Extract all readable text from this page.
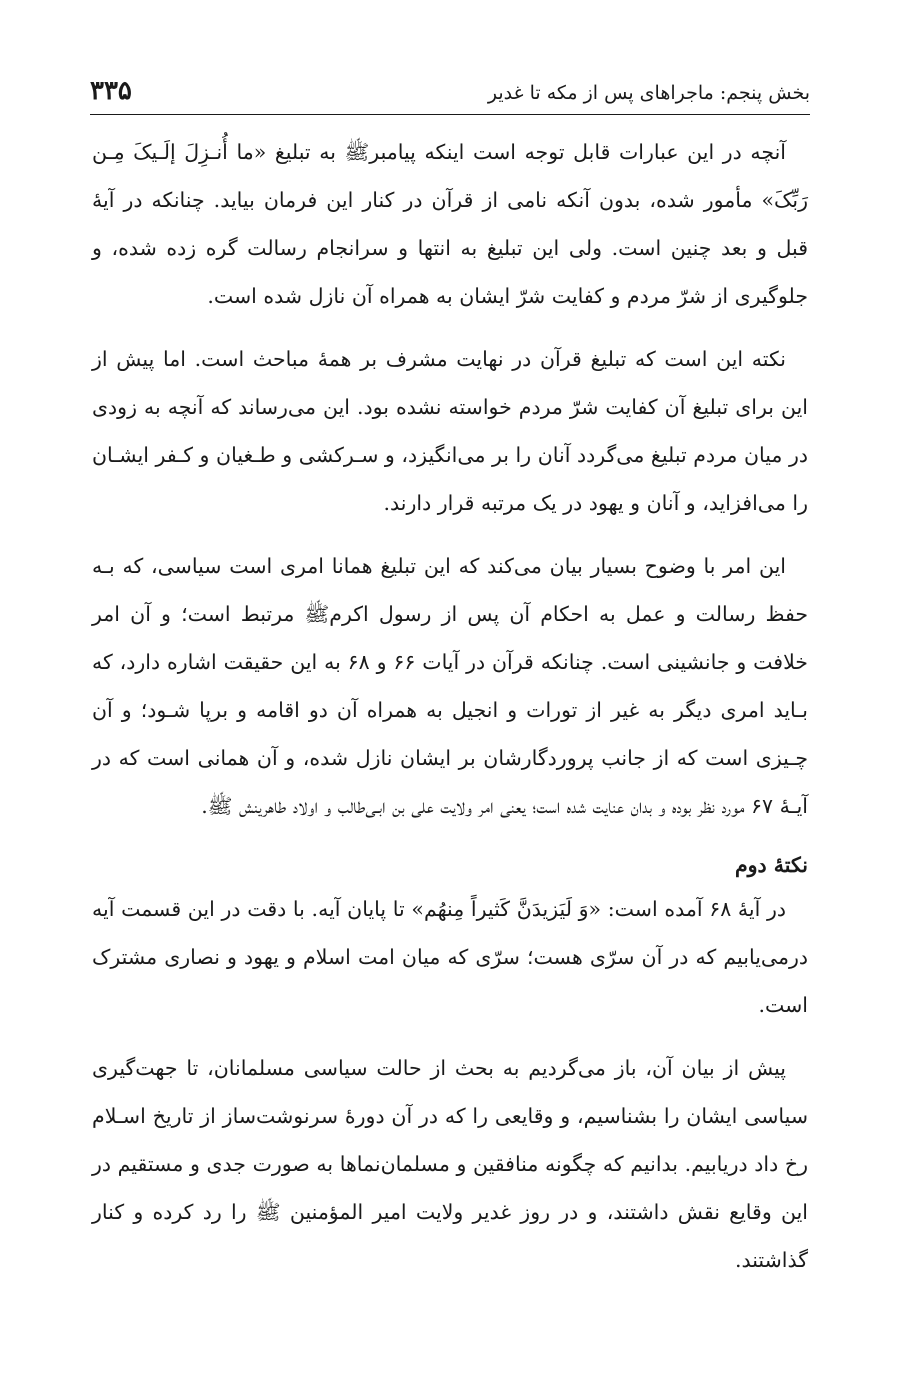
بخش پنجم: ماجراهای پس از مکه تا غدیر
۳۳۵

آنچه در این عبارات قابل توجه است اینکه پیامبرﷺ به تبلیغ «ما أُنـزِلَ إلَـیکَ مِـن رَبِّکَ» مأمور شده، بدون آنکه نامی از قرآن در کنار این فرمان بیاید. چنانکه در آیهٔ قبل و بعد چنین است. ولی این تبلیغ به انتها و سرانجام رسالت گره زده شده، و جلوگیری از شرّ مردم و کفایت شرّ ایشان به همراه آن نازل شده است.

نکته این است که تبلیغ قرآن در نهایت مشرف بر همهٔ مباحث است. اما پیش از این برای تبلیغ آن کفایت شرّ مردم خواسته نشده بود. این می‌رساند که آنچه به زودی در میان مردم تبلیغ می‌گردد آنان را بر می‌انگیزد، و سـرکشی و طـغیان و کـفر ایشـان را می‌افزاید، و آنان و یهود در یک مرتبه قرار دارند.

این امر با وضوح بسیار بیان می‌کند که این تبلیغ همانا امری است سیاسی، که بـه حفظ رسالت و عمل به احکام آن پس از رسول اکرمﷺ مرتبط است؛ و آن امر خلافت و جانشینی است. چنانکه قرآن در آیات ۶۶ و ۶۸ به این حقیقت اشاره دارد، که بـاید امری دیگر به غیر از تورات و انجیل به همراه آن دو اقامه و برپا شـود؛ و آن چـیزی است که از جانب پروردگارشان بر ایشان نازل شده، و آن همانی است که در آیـهٔ ۶۷ مورد نظر بوده و بدان عنایت شده است؛ یعنی امر ولایت علی بن ابـی‌طالب و اولاد طاهرینش ﷺ.

نکتهٔ دوم

در آیهٔ ۶۸ آمده است: «وَ لَیَزیدَنَّ کَثیراً مِنهُم» تا پایان آیه. با دقت در این قسمت آیه درمی‌یابیم که در آن سرّی هست؛ سرّی که میان امت اسلام و یهود و نصاری مشترک است.

پیش از بیان آن، باز می‌گردیم به بحث از حالت سیاسی مسلمانان، تا جهت‌گیری سیاسی ایشان را بشناسیم، و وقایعی را که در آن دورهٔ سرنوشت‌ساز از تاریخ اسـلام رخ داد دریابیم. بدانیم که چگونه منافقین و مسلمان‌نماها به صورت جدی و مستقیم در این وقایع نقش داشتند، و در روز غدیر ولایت امیر المؤمنین ﷺ را رد کرده و کنار گذاشتند.
